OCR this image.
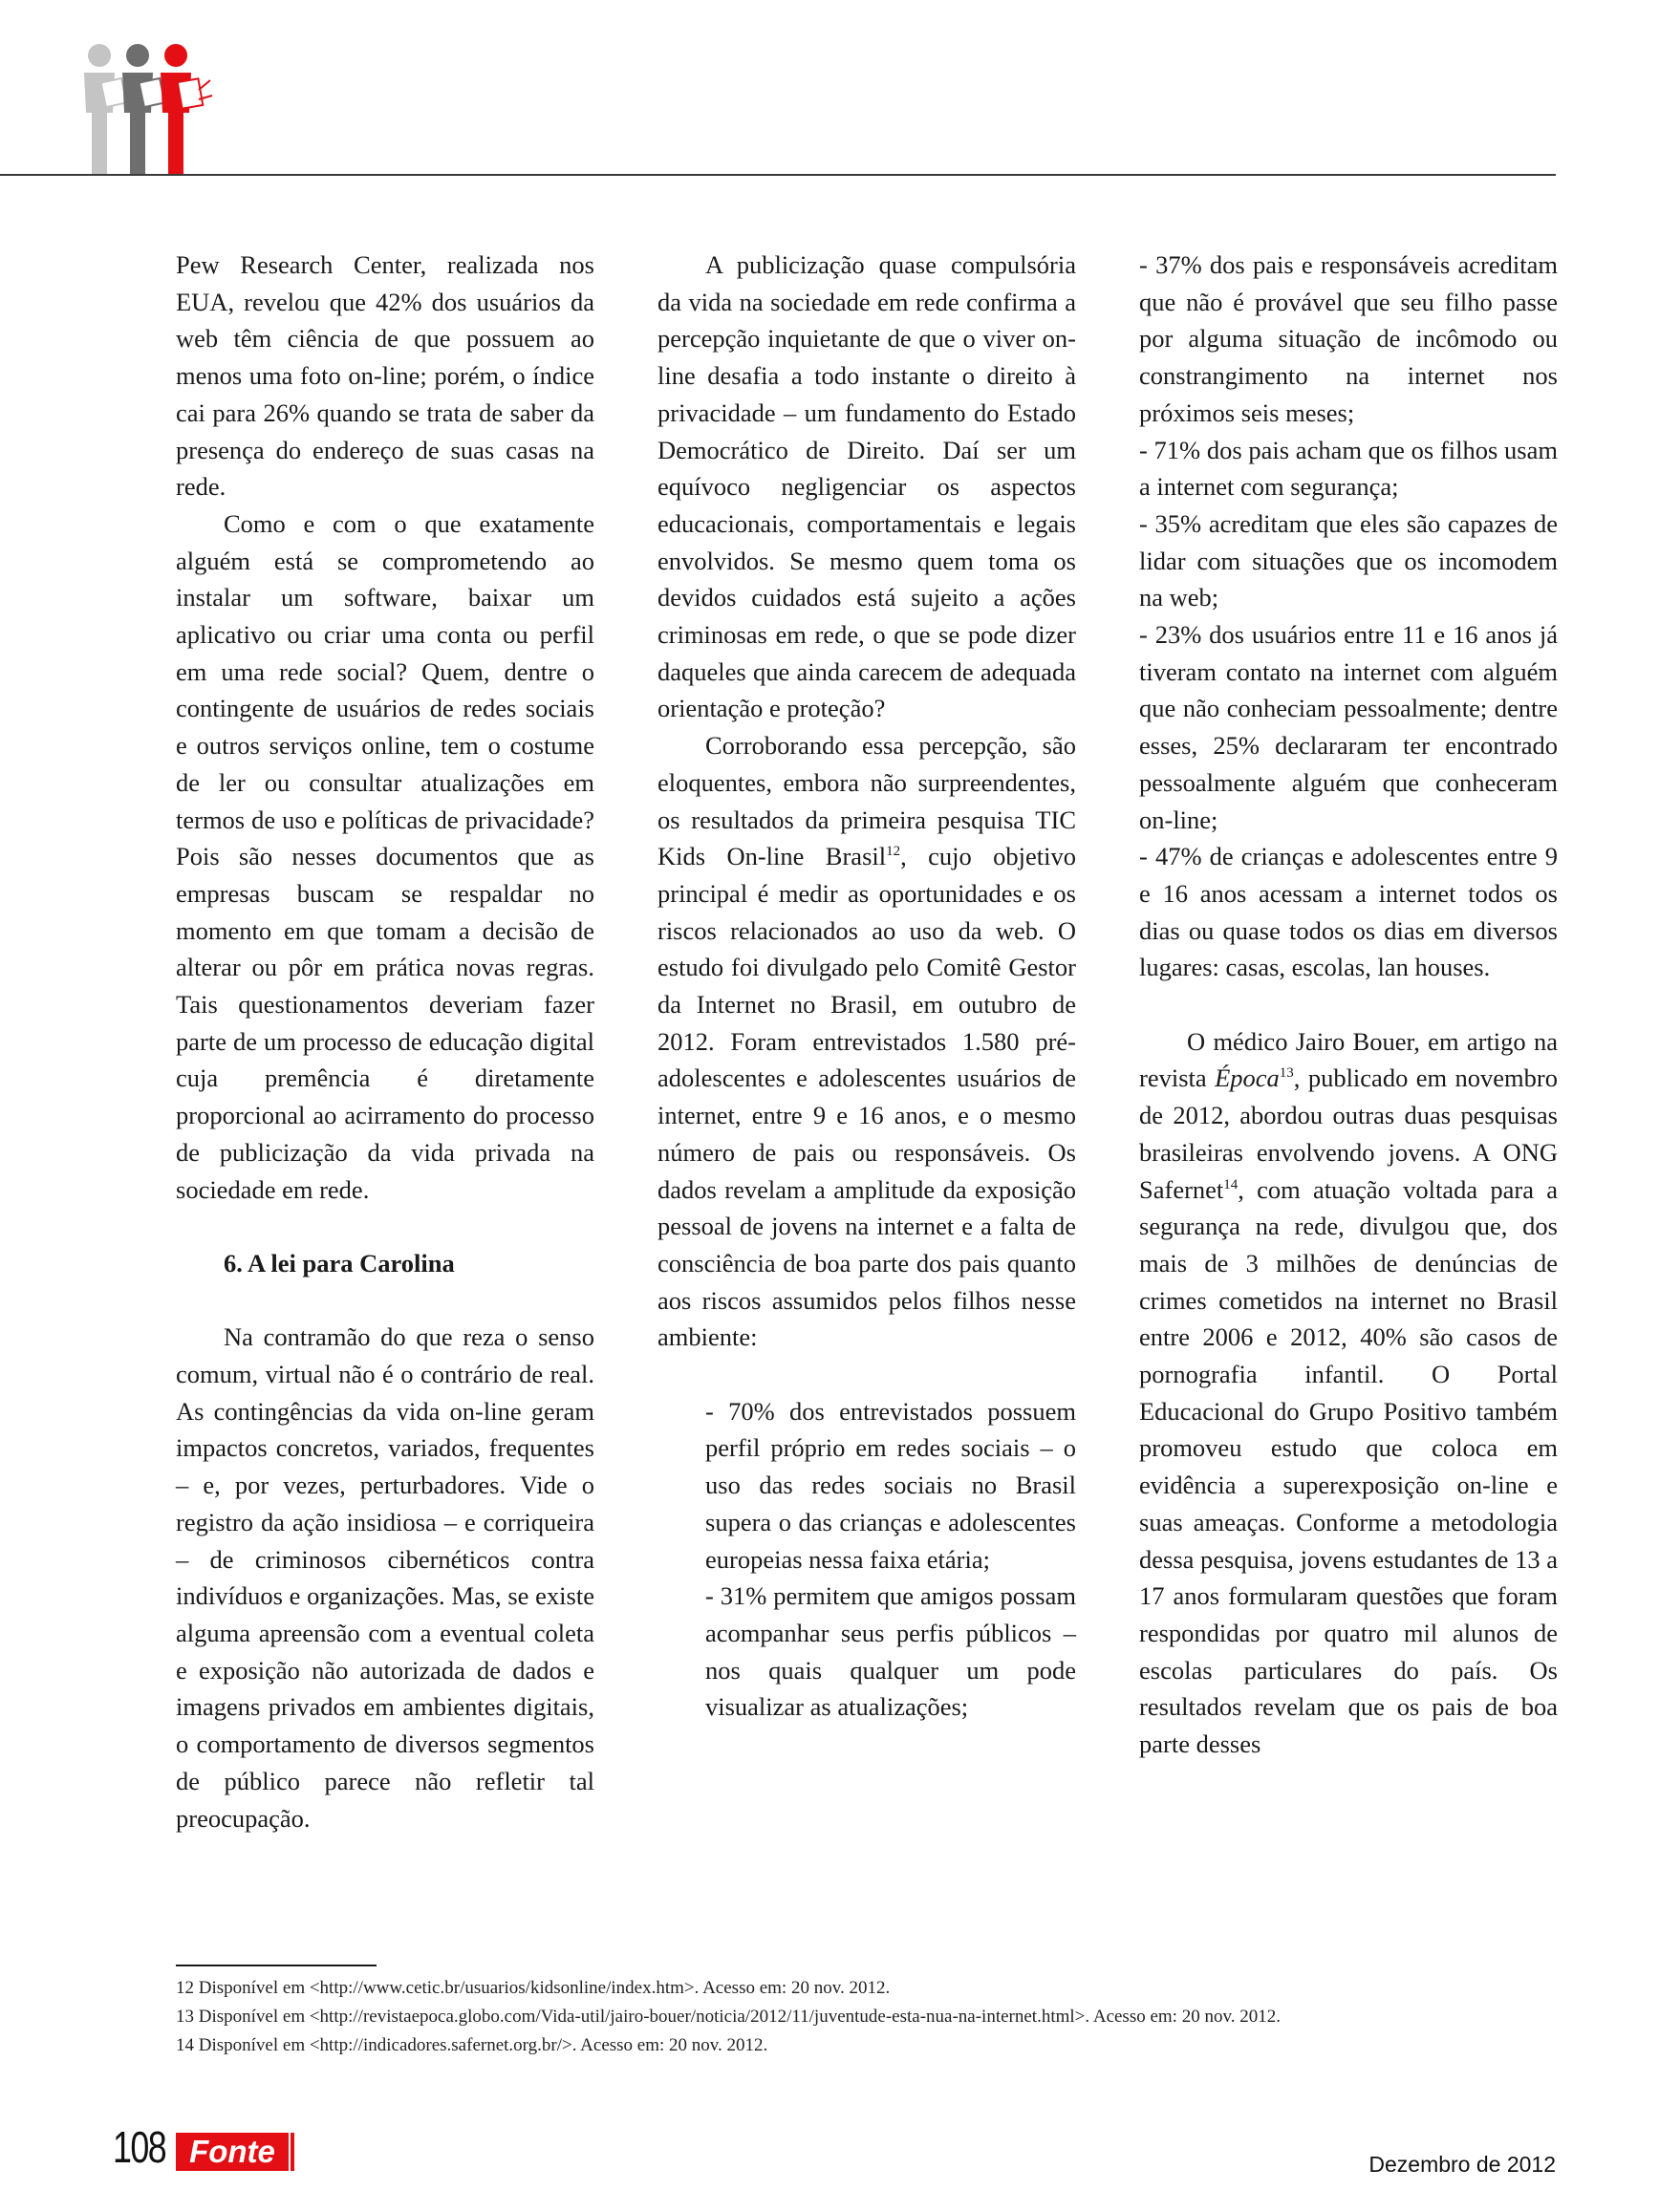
Pew Research Center, realizada nos EUA, revelou que 42% dos usuários da web têm ciência de que possuem ao menos uma foto on-line; porém, o índice cai para 26% quando se trata de saber da presença do endereço de suas casas na rede.

Como e com o que exatamente alguém está se comprometendo ao instalar um software, baixar um aplicativo ou criar uma conta ou perfil em uma rede social? Quem, dentre o contingente de usuários de redes sociais e outros serviços online, tem o costume de ler ou consultar atualizações em termos de uso e políticas de privacidade? Pois são nesses documentos que as empresas buscam se respaldar no momento em que tomam a decisão de alterar ou pôr em prática novas regras. Tais questionamentos deveriam fazer parte de um processo de educação digital cuja premência é diretamente proporcional ao acirramento do processo de publicização da vida privada na sociedade em rede.

6. A lei para Carolina

Na contramão do que reza o senso comum, virtual não é o contrário de real. As contingências da vida on-line geram impactos concretos, variados, frequentes – e, por vezes, perturbadores. Vide o registro da ação insidiosa – e corriqueira – de criminosos cibernéticos contra indivíduos e organizações. Mas, se existe alguma apreensão com a eventual coleta e exposição não autorizada de dados e imagens privados em ambientes digitais, o comportamento de diversos segmentos de público parece não refletir tal preocupação.

A publicização quase compulsória da vida na sociedade em rede confirma a percepção inquietante de que o viver on-line desafia a todo instante o direito à privacidade – um fundamento do Estado Democrático de Direito. Daí ser um equívoco negligenciar os aspectos educacionais, comportamentais e legais envolvidos. Se mesmo quem toma os devidos cuidados está sujeito a ações criminosas em rede, o que se pode dizer daqueles que ainda carecem de adequada orientação e proteção?

Corroborando essa percepção, são eloquentes, embora não surpreendentes, os resultados da primeira pesquisa TIC Kids On-line Brasil$^{12}$, cujo objetivo principal é medir as oportunidades e os riscos relacionados ao uso da web. O estudo foi divulgado pelo Comitê Gestor da Internet no Brasil, em outubro de 2012. Foram entrevistados 1.580 pré-adolescentes e adolescentes usuários de internet, entre 9 e 16 anos, e o mesmo número de pais ou responsáveis. Os dados revelam a amplitude da exposição pessoal de jovens na internet e a falta de consciência de boa parte dos pais quanto aos riscos assumidos pelos filhos nesse ambiente:

- 70% dos entrevistados possuem perfil próprio em redes sociais – o uso das redes sociais no Brasil supera o das crianças e adolescentes europeias nessa faixa etária;

- 31% permitem que amigos possam acompanhar seus perfis públicos – nos quais qualquer um pode visualizar as atualizações;

- 37% dos pais e responsáveis acreditam que não é provável que seu filho passe por alguma situação de incômodo ou constrangimento na internet nos próximos seis meses;

- 71% dos pais acham que os filhos usam a internet com segurança;

- 35% acreditam que eles são capazes de lidar com situações que os incomodem na web;

- 23% dos usuários entre 11 e 16 anos já tiveram contato na internet com alguém que não conheciam pessoalmente; dentre esses, 25% declararam ter encontrado pessoalmente alguém que conheceram on-line;

- 47% de crianças e adolescentes entre 9 e 16 anos acessam a internet todos os dias ou quase todos os dias em diversos lugares: casas, escolas, lan houses.

O médico Jairo Bouer, em artigo na revista Época$^{13}$, publicado em novembro de 2012, abordou outras duas pesquisas brasileiras envolvendo jovens. A ONG Safernet$^{14}$, com atuação voltada para a segurança na rede, divulgou que, dos mais de 3 milhões de denúncias de crimes cometidos na internet no Brasil entre 2006 e 2012, 40% são casos de pornografia infantil. O Portal Educacional do Grupo Positivo também promoveu estudo que coloca em evidência a superexposição on-line e suas ameaças. Conforme a metodologia dessa pesquisa, jovens estudantes de 13 a 17 anos formularam questões que foram respondidas por quatro mil alunos de escolas particulares do país. Os resultados revelam que os pais de boa parte desses

12 Disponível em <http://www.cetic.br/usuarios/kidsonline/index.htm>. Acesso em: 20 nov. 2012.

13 Disponível em <http://revistaepoca.globo.com/Vida-util/jairo-bouer/noticia/2012/11/juventude-esta-nua-na-internet.html>. Acesso em: 20 nov. 2012.

14 Disponível em <http://indicadores.safernet.org.br/>. Acesso em: 20 nov. 2012.

108 Fonte	Dezembro de 2012
